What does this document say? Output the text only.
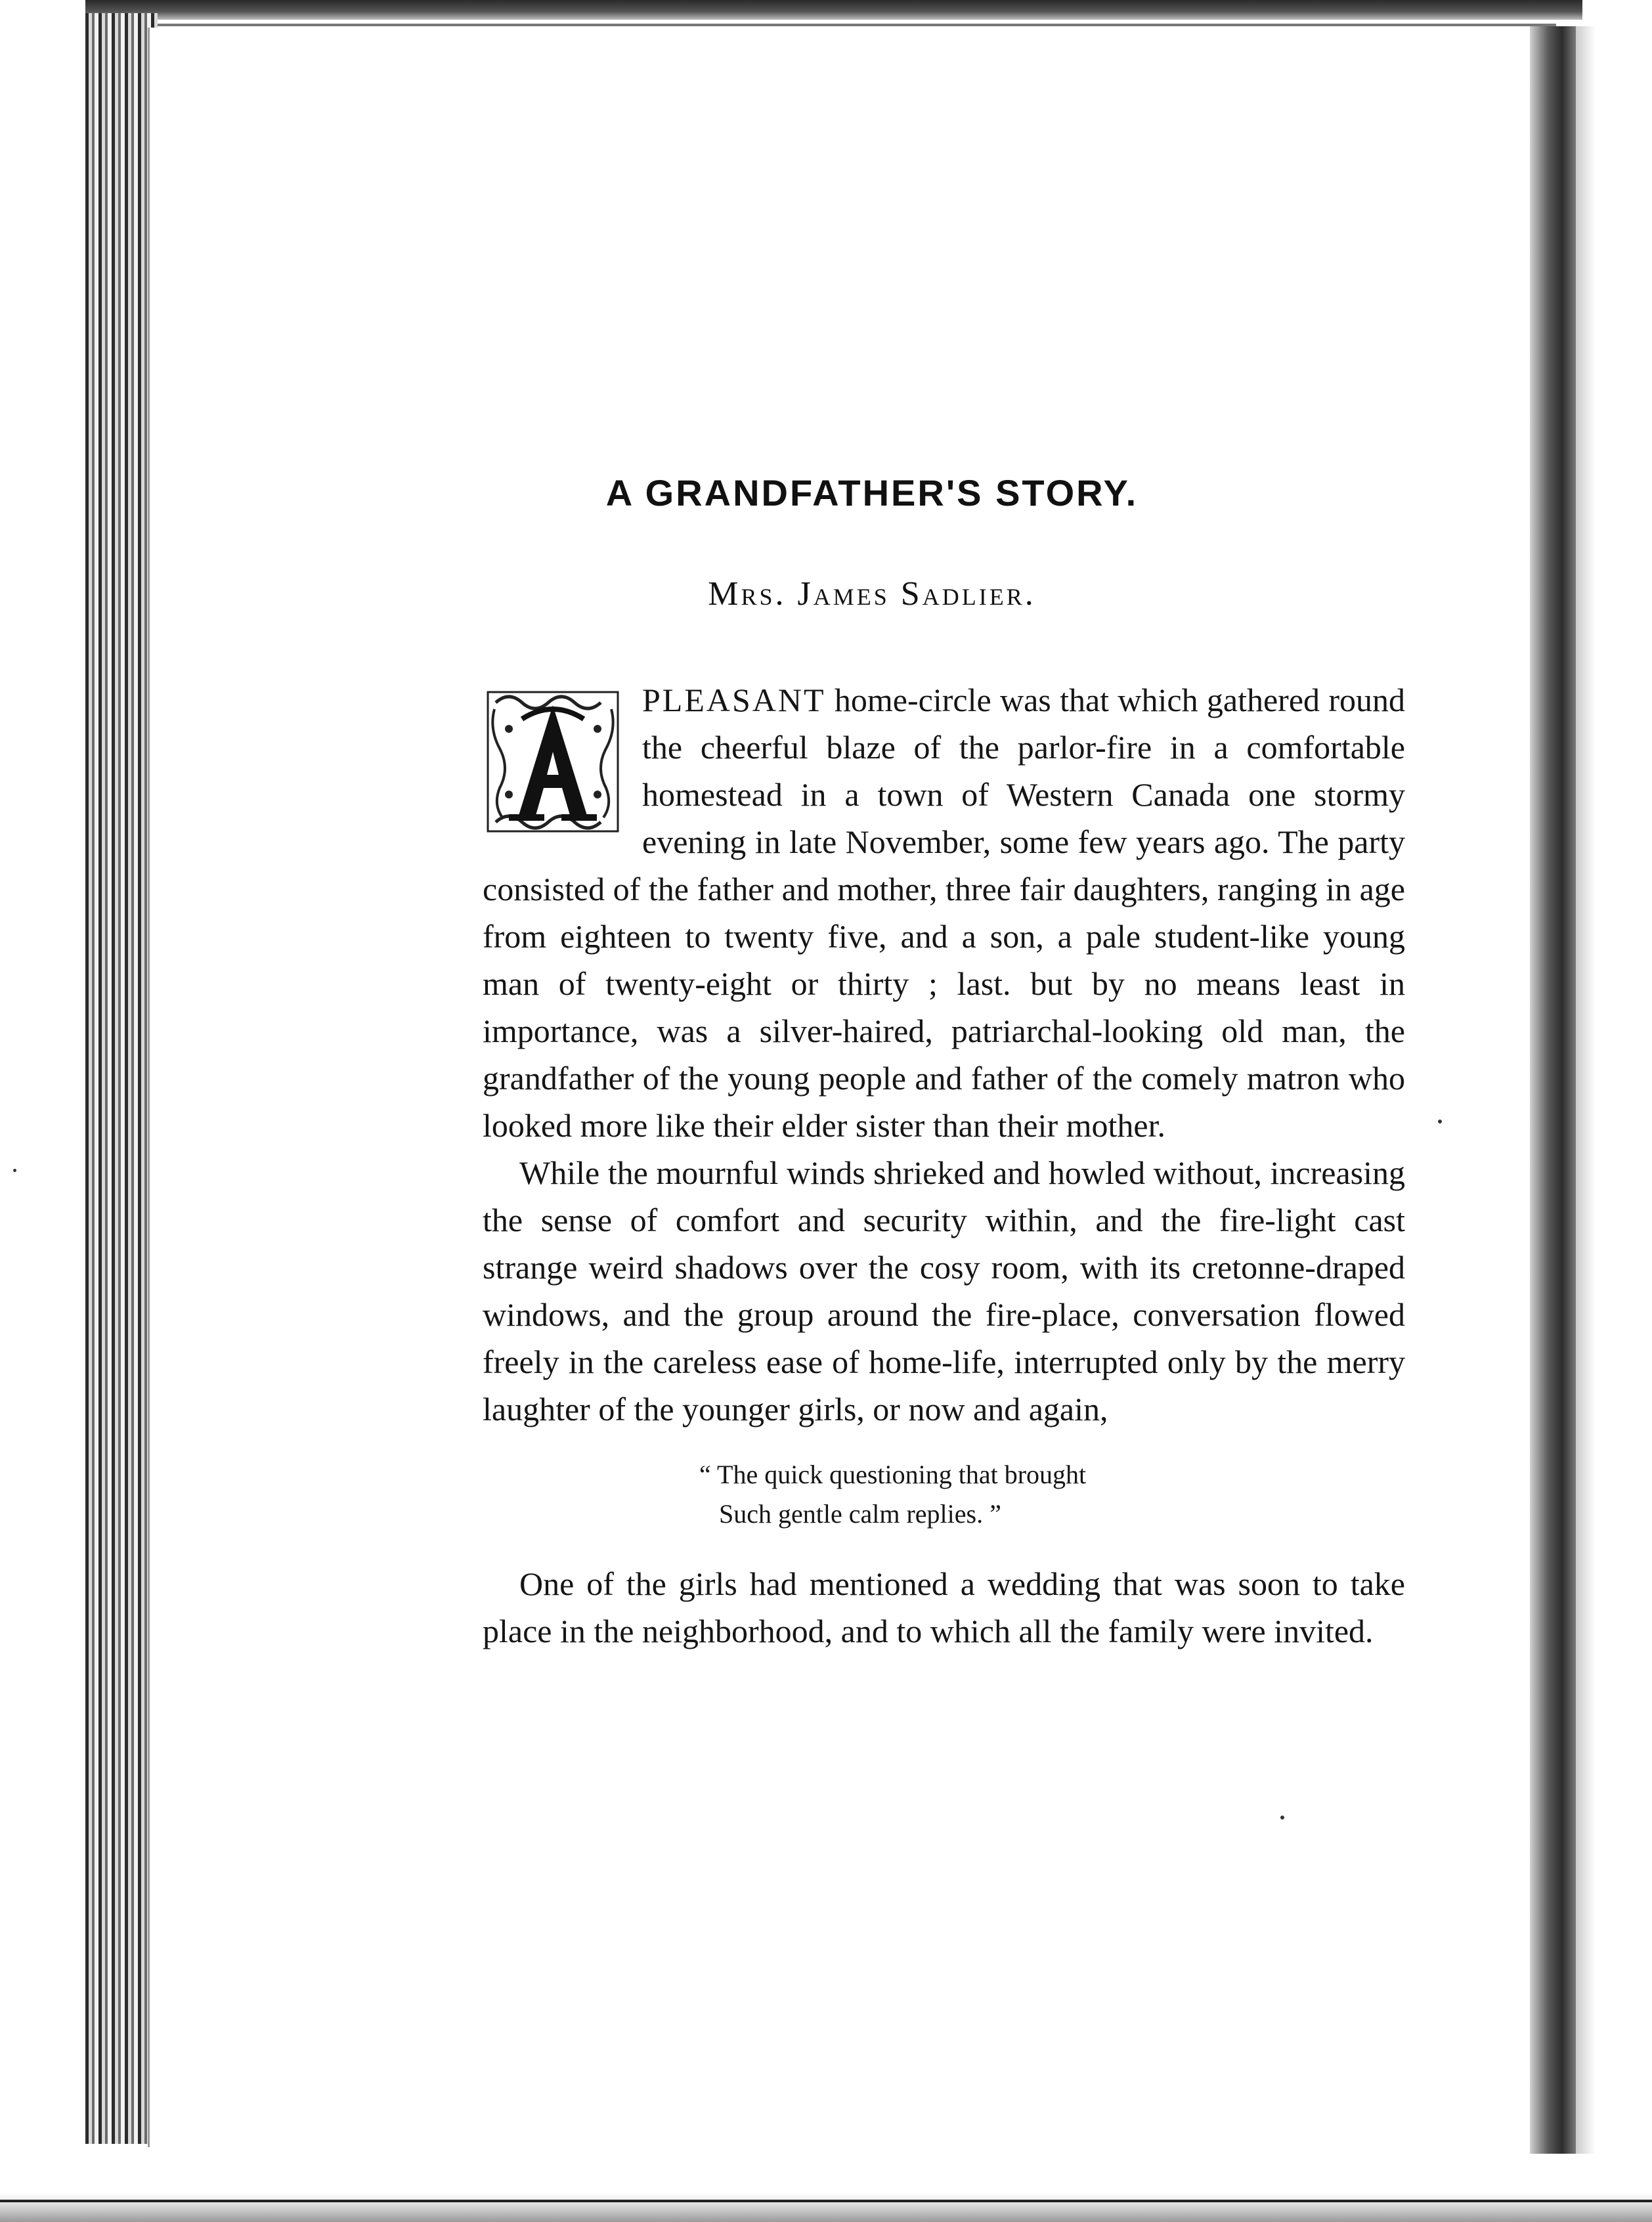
A GRANDFATHER'S STORY.
Mrs. James Sadlier.

A
PLEASANT home-circle was that which gathered round the cheerful blaze of the parlor-fire in a comfortable homestead in a town of Western Canada one stormy evening in late November, some few years ago. The party consisted of the father and mother, three fair daughters, ranging in age from eighteen to twenty five, and a son, a pale student-like young man of twenty-eight or thirty ; last. but by no means least in importance, was a silver-haired, patriarchal-looking old man, the grandfather of the young people and father of the comely matron who looked more like their elder sister than their mother.

While the mournful winds shrieked and howled without, increasing the sense of comfort and security within, and the fire-light cast strange weird shadows over the cosy room, with its cretonne-draped windows, and the group around the fire-place, conversation flowed freely in the careless ease of home-life, interrupted only by the merry laughter of the younger girls, or now and again,

“ The quick questioning that brought
Such gentle calm replies. ”

One of the girls had mentioned a wedding that was soon to take place in the neighborhood, and to which all the family were invited.
